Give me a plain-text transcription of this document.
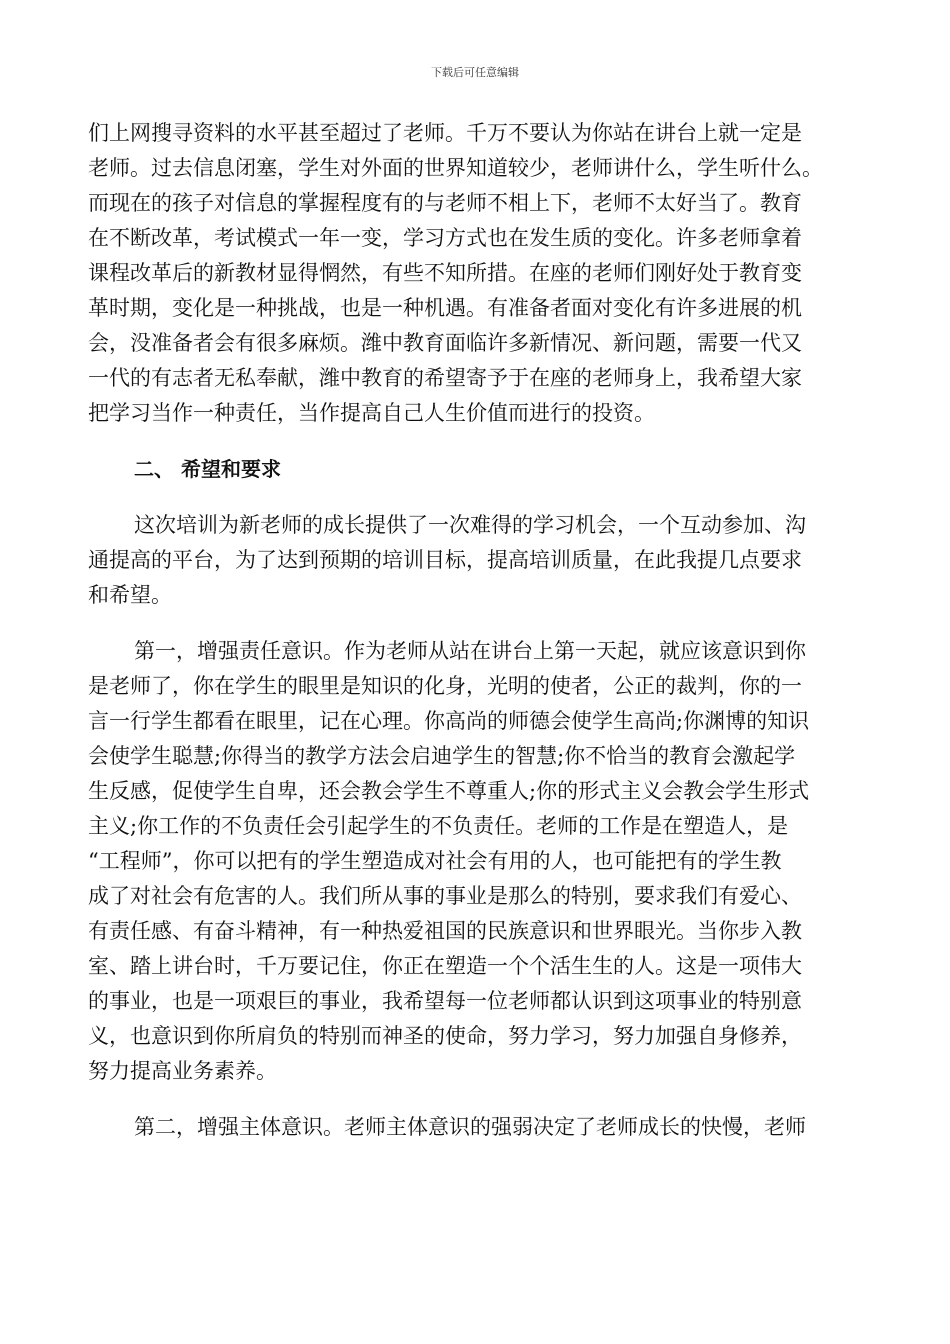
下载后可任意编辑
们上网搜寻资料的水平甚至超过了老师。千万不要认为你站在讲台上就一定是
老师。过去信息闭塞，学生对外面的世界知道较少，老师讲什么，学生听什么。
而现在的孩子对信息的掌握程度有的与老师不相上下，老师不太好当了。教育
在不断改革，考试模式一年一变，学习方式也在发生质的变化。许多老师拿着
课程改革后的新教材显得惘然，有些不知所措。在座的老师们刚好处于教育变
革时期，变化是一种挑战，也是一种机遇。有准备者面对变化有许多进展的机
会，没准备者会有很多麻烦。潍中教育面临许多新情况、新问题，需要一代又
一代的有志者无私奉献，潍中教育的希望寄予于在座的老师身上，我希望大家
把学习当作一种责任，当作提高自己人生价值而进行的投资。
二、 希望和要求
这次培训为新老师的成长提供了一次难得的学习机会，一个互动参加、沟
通提高的平台，为了达到预期的培训目标，提高培训质量，在此我提几点要求
和希望。
第一，增强责任意识。作为老师从站在讲台上第一天起，就应该意识到你
是老师了，你在学生的眼里是知识的化身，光明的使者，公正的裁判，你的一
言一行学生都看在眼里，记在心理。你高尚的师德会使学生高尚;你渊博的知识
会使学生聪慧;你得当的教学方法会启迪学生的智慧;你不恰当的教育会激起学
生反感，促使学生自卑，还会教会学生不尊重人;你的形式主义会教会学生形式
主义;你工作的不负责任会引起学生的不负责任。老师的工作是在塑造人，是
“工程师”，你可以把有的学生塑造成对社会有用的人，也可能把有的学生教
成了对社会有危害的人。我们所从事的事业是那么的特别，要求我们有爱心、
有责任感、有奋斗精神，有一种热爱祖国的民族意识和世界眼光。当你步入教
室、踏上讲台时，千万要记住，你正在塑造一个个活生生的人。这是一项伟大
的事业，也是一项艰巨的事业，我希望每一位老师都认识到这项事业的特别意
义，也意识到你所肩负的特别而神圣的使命，努力学习，努力加强自身修养，
努力提高业务素养。
第二，增强主体意识。老师主体意识的强弱决定了老师成长的快慢，老师
